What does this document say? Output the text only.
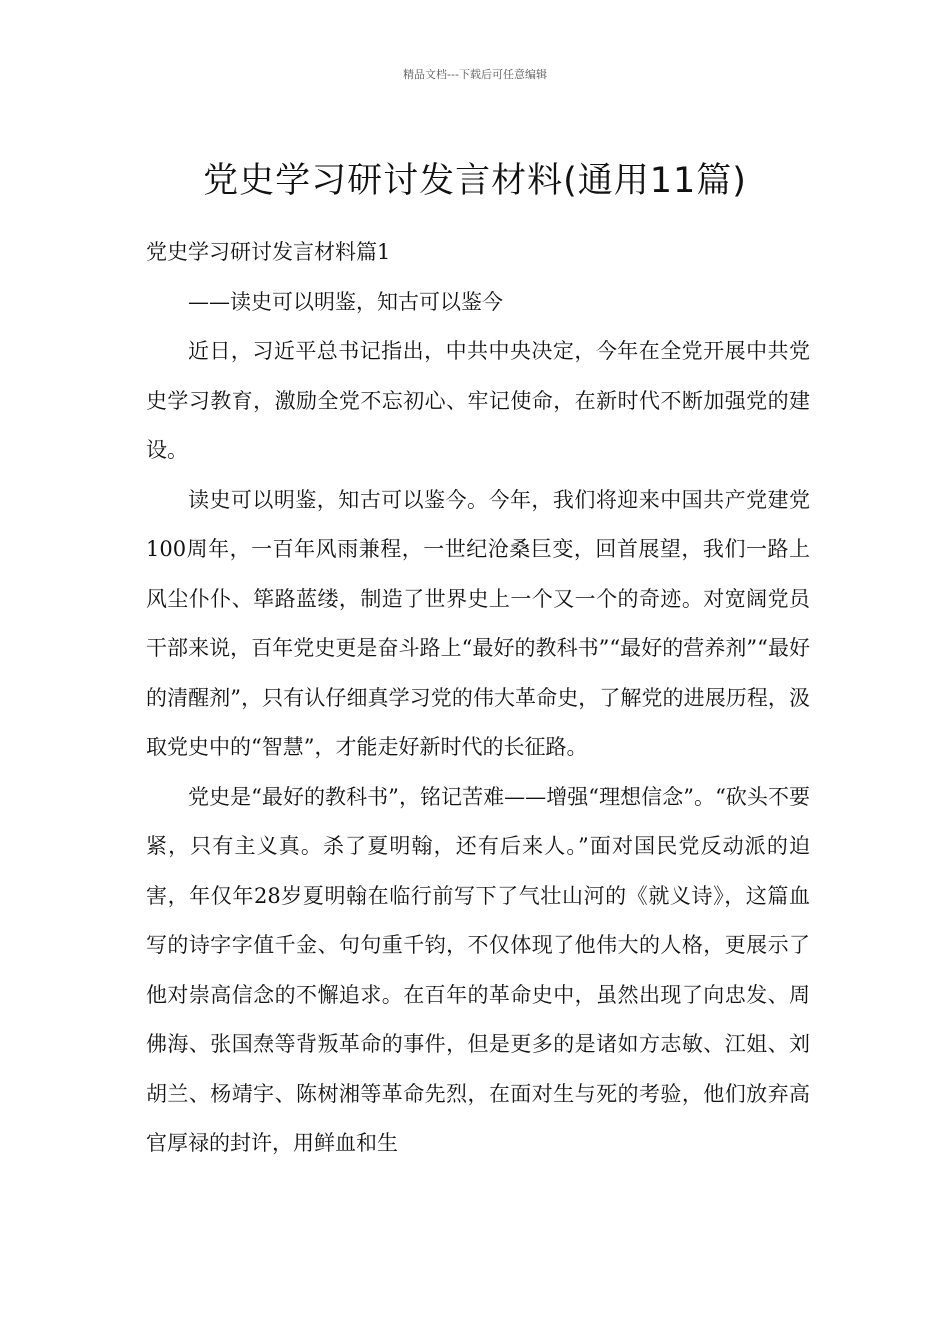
精品文档---下载后可任意编辑
党史学习研讨发言材料(通用11篇)

党史学习研讨发言材料篇1

——读史可以明鉴，知古可以鉴今

近日，习近平总书记指出，中共中央决定，今年在全党开展中共党史学习教育，激励全党不忘初心、牢记使命，在新时代不断加强党的建设。

读史可以明鉴，知古可以鉴今。今年，我们将迎来中国共产党建党100周年，一百年风雨兼程，一世纪沧桑巨变，回首展望，我们一路上风尘仆仆、筚路蓝缕，制造了世界史上一个又一个的奇迹。对宽阔党员干部来说，百年党史更是奋斗路上“最好的教科书”“最好的营养剂”“最好的清醒剂”，只有认仔细真学习党的伟大革命史，了解党的进展历程，汲取党史中的“智慧”，才能走好新时代的长征路。

党史是“最好的教科书”，铭记苦难——增强“理想信念”。“砍头不要紧，只有主义真。杀了夏明翰，还有后来人。”面对国民党反动派的迫害，年仅年28岁夏明翰在临行前写下了气壮山河的《就义诗》，这篇血写的诗字字值千金、句句重千钧，不仅体现了他伟大的人格，更展示了他对崇高信念的不懈追求。在百年的革命史中，虽然出现了向忠发、周佛海、张国焘等背叛革命的事件，但是更多的是诸如方志敏、江姐、刘胡兰、杨靖宇、陈树湘等革命先烈，在面对生与死的考验，他们放弃高官厚禄的封许，用鲜血和生
